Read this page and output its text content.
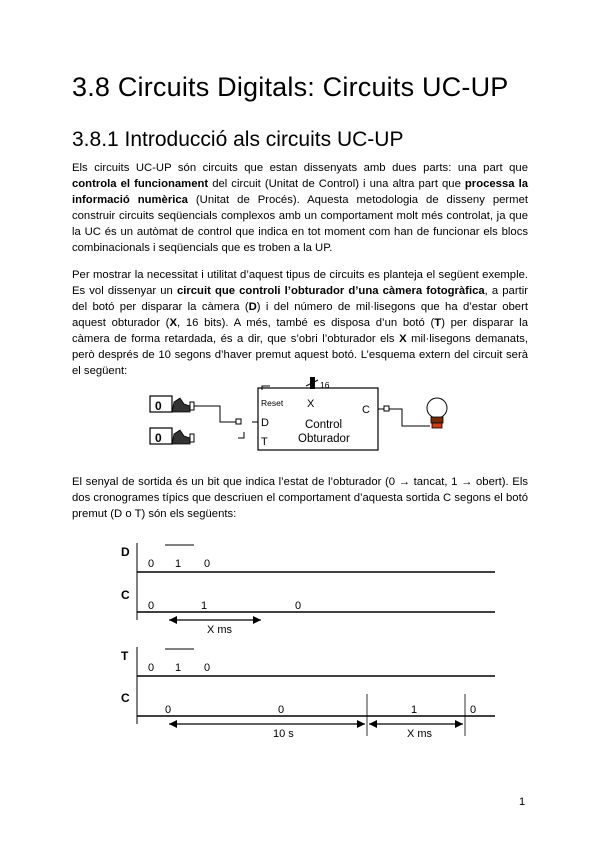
3.8 Circuits Digitals: Circuits UC-UP
3.8.1 Introducció als circuits UC-UP

Els circuits UC-UP són circuits que estan dissenyats amb dues parts: una part que controla el funcionament del circuit (Unitat de Control) i una altra part que processa la informació numèrica (Unitat de Procés). Aquesta metodologia de disseny permet construir circuits seqüencials complexos amb un comportament molt més controlat, ja que la UC és un autòmat de control que indica en tot moment com han de funcionar els blocs combinacionals i seqüencials que es troben a la UP.

Per mostrar la necessitat i utilitat d’aquest tipus de circuits es planteja el següent exemple. Es vol dissenyar un circuit que controli l’obturador d’una càmera fotogràfica, a partir del botó per disparar la càmera (D) i del número de mil·lisegons que ha d’estar obert aquest obturador (X, 16 bits). A més, també es disposa d’un botó (T) per disparar la càmera de forma retardada, és a dir, que s’obri l’obturador els X mil·lisegons demanats, però després de 10 segons d’haver premut aquest botó. L’esquema extern del circuit serà el següent:

0
0
Reset
16
X
D
T
Control
Obturador
C

El senyal de sortida és un bit que indica l’estat de l’obturador (0 → tancat, 1 → obert). Els dos cronogrames típics que descriuen el comportament d’aquesta sortida C segons el botó premut (D o T) són els següents:

D
C
0 1 0
0	1	0
X ms
T
C
0 1 0
0	0	1	0
10 s	X ms
1
